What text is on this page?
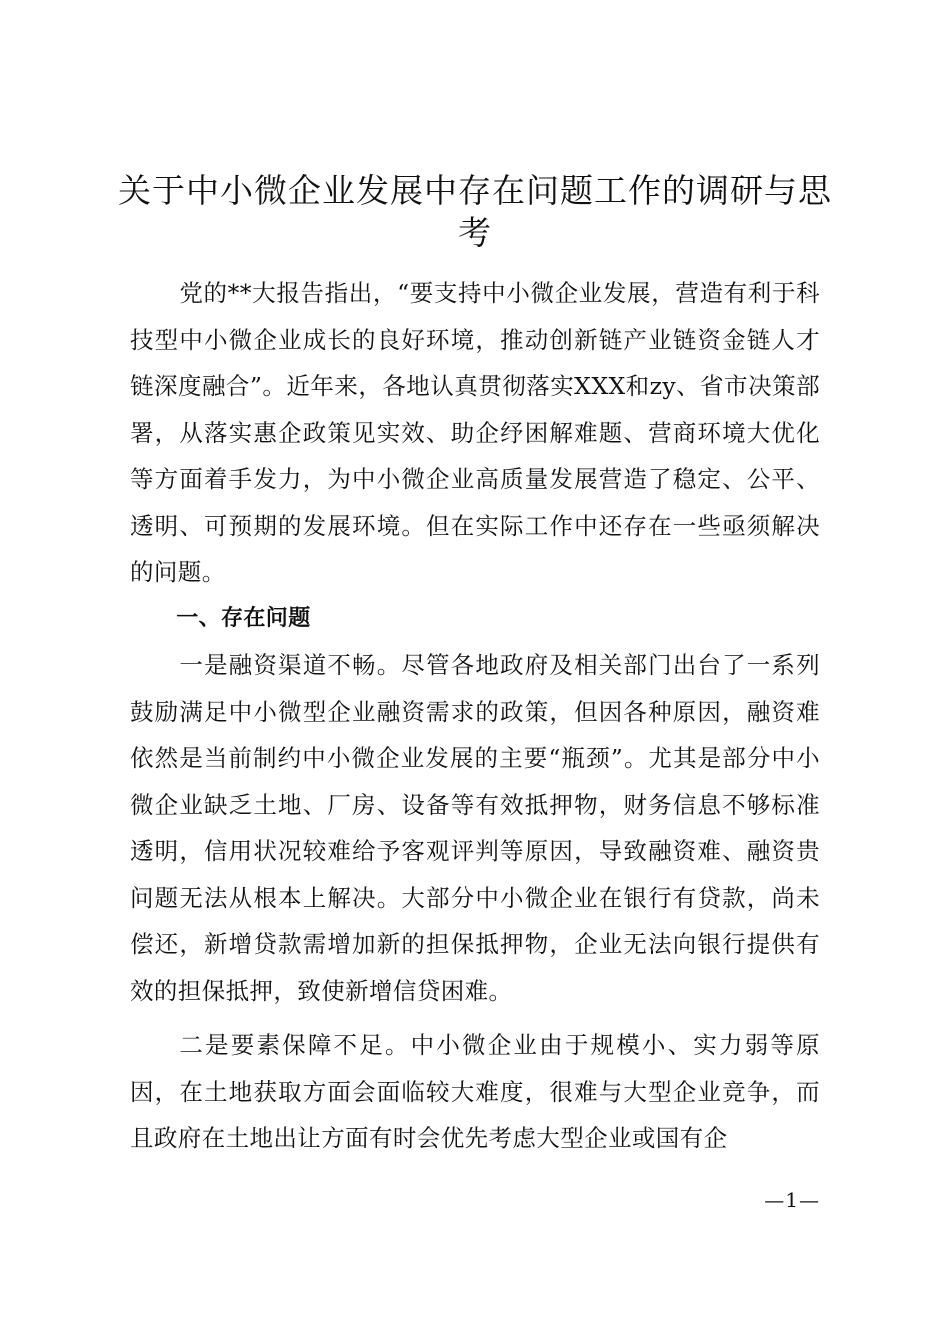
关于中小微企业发展中存在问题工作的调研与思考

党的**大报告指出，“要支持中小微企业发展，营造有利于科技型中小微企业成长的良好环境，推动创新链产业链资金链人才链深度融合”。近年来，各地认真贯彻落实XXX和zy、省市决策部署，从落实惠企政策见实效、助企纾困解难题、营商环境大优化等方面着手发力，为中小微企业高质量发展营造了稳定、公平、透明、可预期的发展环境。但在实际工作中还存在一些亟须解决的问题。

一、存在问题

一是融资渠道不畅。尽管各地政府及相关部门出台了一系列鼓励满足中小微型企业融资需求的政策，但因各种原因，融资难依然是当前制约中小微企业发展的主要“瓶颈”。尤其是部分中小微企业缺乏土地、厂房、设备等有效抵押物，财务信息不够标准透明，信用状况较难给予客观评判等原因，导致融资难、融资贵问题无法从根本上解决。大部分中小微企业在银行有贷款，尚未偿还，新增贷款需增加新的担保抵押物，企业无法向银行提供有效的担保抵押，致使新增信贷困难。

二是要素保障不足。中小微企业由于规模小、实力弱等原因，在土地获取方面会面临较大难度，很难与大型企业竞争，而且政府在土地出让方面有时会优先考虑大型企业或国有企

—1—
